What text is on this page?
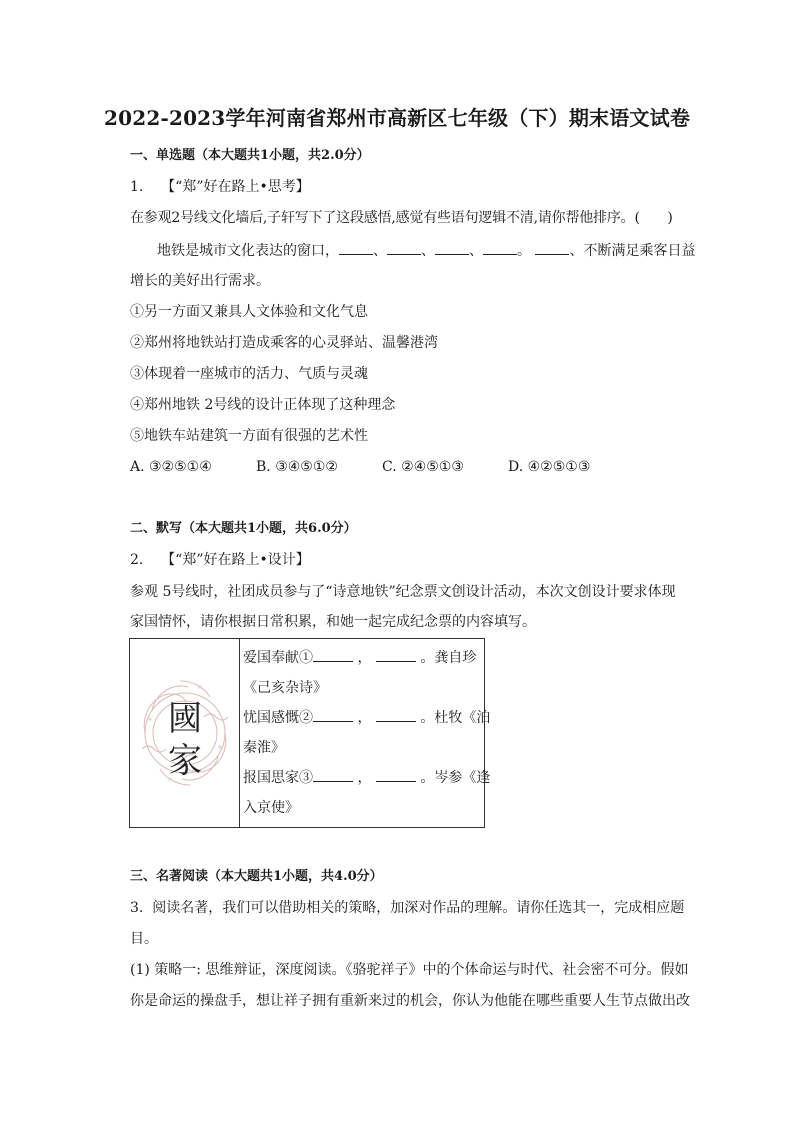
2022-2023学年河南省郑州市高新区七年级（下）期末语文试卷
一、单选题（本大题共1小题，共2.0分）
1. 【“郑”好在路上•思考】
在参观2号线文化墙后,子轩写下了这段感悟,感觉有些语句逻辑不清,请你帮他排序。(　　)
地铁是城市文化表达的窗口， 、 、 、 。	、不断满足乘客日益
增长的美好出行需求。
①另一方面又兼具人文体验和文化气息
②郑州将地铁站打造成乘客的心灵驿站、温馨港湾
③体现着一座城市的活力、气质与灵魂
④郑州地铁 2号线的设计正体现了这种理念
⑤地铁车站建筑一方面有很强的艺术性
A. ③②⑤①④	B. ③④⑤①②	C. ②④⑤①③	D. ④②⑤①③
二、默写（本大题共1小题，共6.0分）
2. 【“郑”好在路上•设计】
参观 5号线时，社团成员参与了“诗意地铁”纪念票文创设计活动，本次文创设计要求体现
家国情怀，请你根据日常积累，和她一起完成纪念票的内容填写。
國
家
爱国奉献①	，	。龚自珍
《己亥杂诗》
忧国感慨②	，	。杜牧《泊
秦淮》
报国思家③	，	。岑参《逢
入京使》
三、名著阅读（本大题共1小题，共4.0分）
3. 阅读名著，我们可以借助相关的策略，加深对作品的理解。请你任选其一，完成相应题
目。
(1) 策略一: 思维辩证，深度阅读。《骆驼祥子》中的个体命运与时代、社会密不可分。假如
你是命运的操盘手，想让祥子拥有重新来过的机会，你认为他能在哪些重要人生节点做出改
